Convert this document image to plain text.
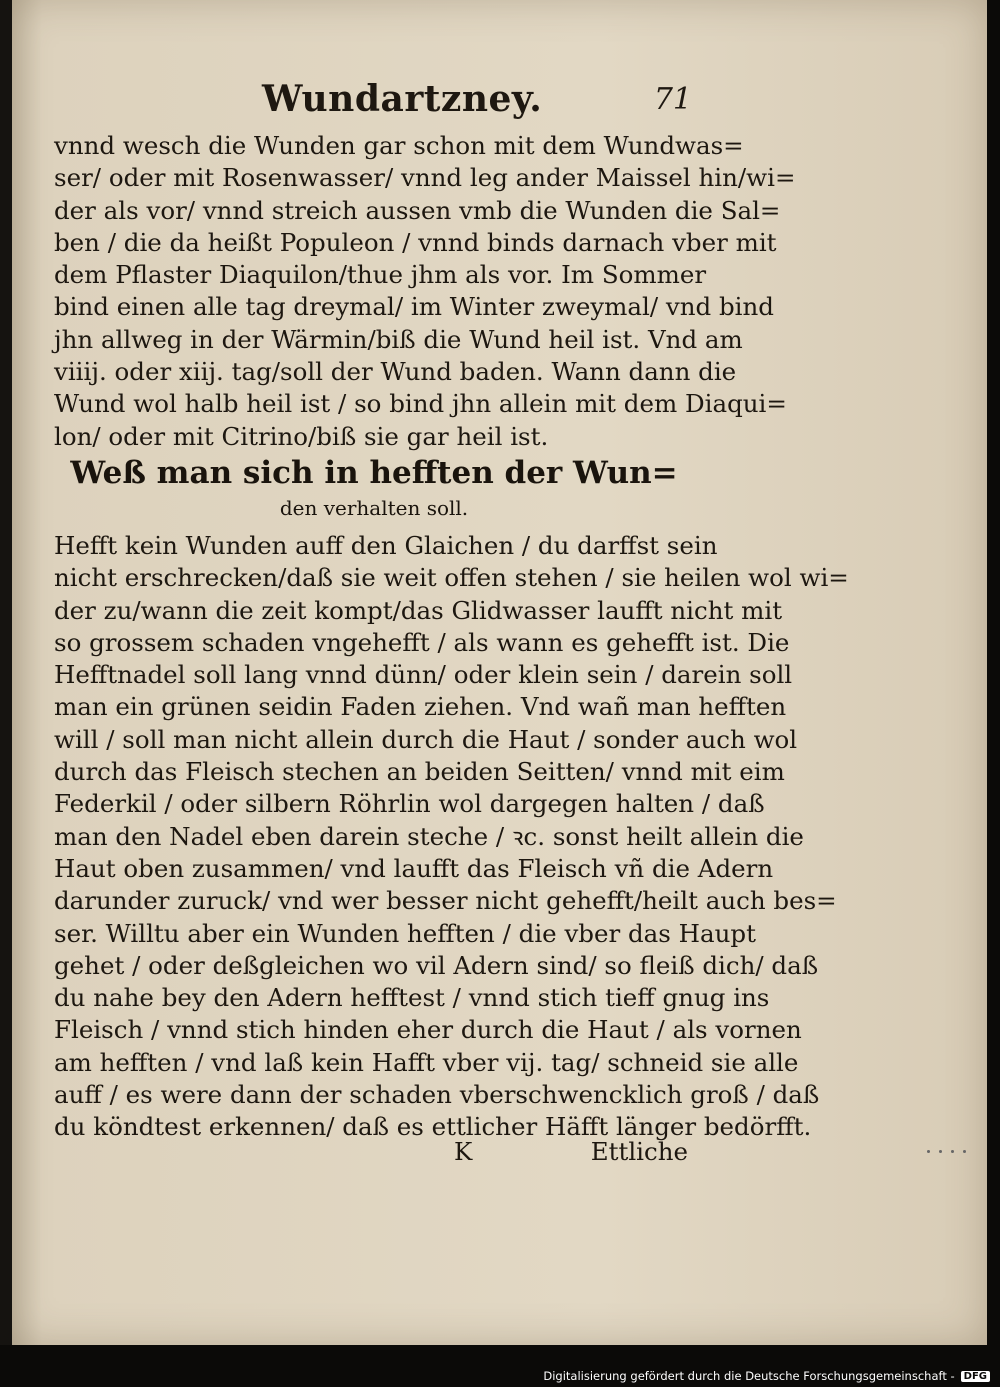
Wundartzney.	71
vnnd wesch die Wunden gar schon mit dem Wundwas=
ser/ oder mit Rosenwasser/ vnnd leg ander Maissel hin/wi=
der als vor/ vnnd streich aussen vmb die Wunden die Sal=
ben / die da heißt Populeon / vnnd binds darnach vber mit
dem Pflaster Diaquilon/thue jhm als vor. Im Sommer
bind einen alle tag dreymal/ im Winter zweymal/ vnd bind
jhn allweg in der Wärmin/biß die Wund heil ist. Vnd am
viiij. oder xiij. tag/soll der Wund baden. Wann dann die
Wund wol halb heil ist / so bind jhn allein mit dem Diaqui=
lon/ oder mit Citrino/biß sie gar heil ist.
Weß man sich in hefften der Wun=
den verhalten soll.
Hefft kein Wunden auff den Glaichen / du darffst sein
nicht erschrecken/daß sie weit offen stehen / sie heilen wol wi=
der zu/wann die zeit kompt/das Glidwasser laufft nicht mit
so grossem schaden vngehefft / als wann es gehefft ist. Die
Hefftnadel soll lang vnnd dünn/ oder klein sein / darein soll
man ein grünen seidin Faden ziehen. Vnd wañ man hefften
will / soll man nicht allein durch die Haut / sonder auch wol
durch das Fleisch stechen an beiden Seitten/ vnnd mit eim
Federkil / oder silbern Röhrlin wol dargegen halten / daß
man den Nadel eben darein steche / ꝛc. sonst heilt allein die
Haut oben zusammen/ vnd laufft das Fleisch vñ die Adern
darunder zuruck/ vnd wer besser nicht gehefft/heilt auch bes=
ser. Willtu aber ein Wunden hefften / die vber das Haupt
gehet / oder deßgleichen wo vil Adern sind/ so fleiß dich/ daß
du nahe bey den Adern hefftest / vnnd stich tieff gnug ins
Fleisch / vnnd stich hinden eher durch die Haut / als vornen
am hefften / vnd laß kein Hafft vber vij. tag/ schneid sie alle
auff / es were dann der schaden vberschwencklich groß / daß
du köndtest erkennen/ daß es ettlicher Häfft länger bedörfft.
K	Ettliche
Digitalisierung gefördert durch die Deutsche Forschungsgemeinschaft - DFG
